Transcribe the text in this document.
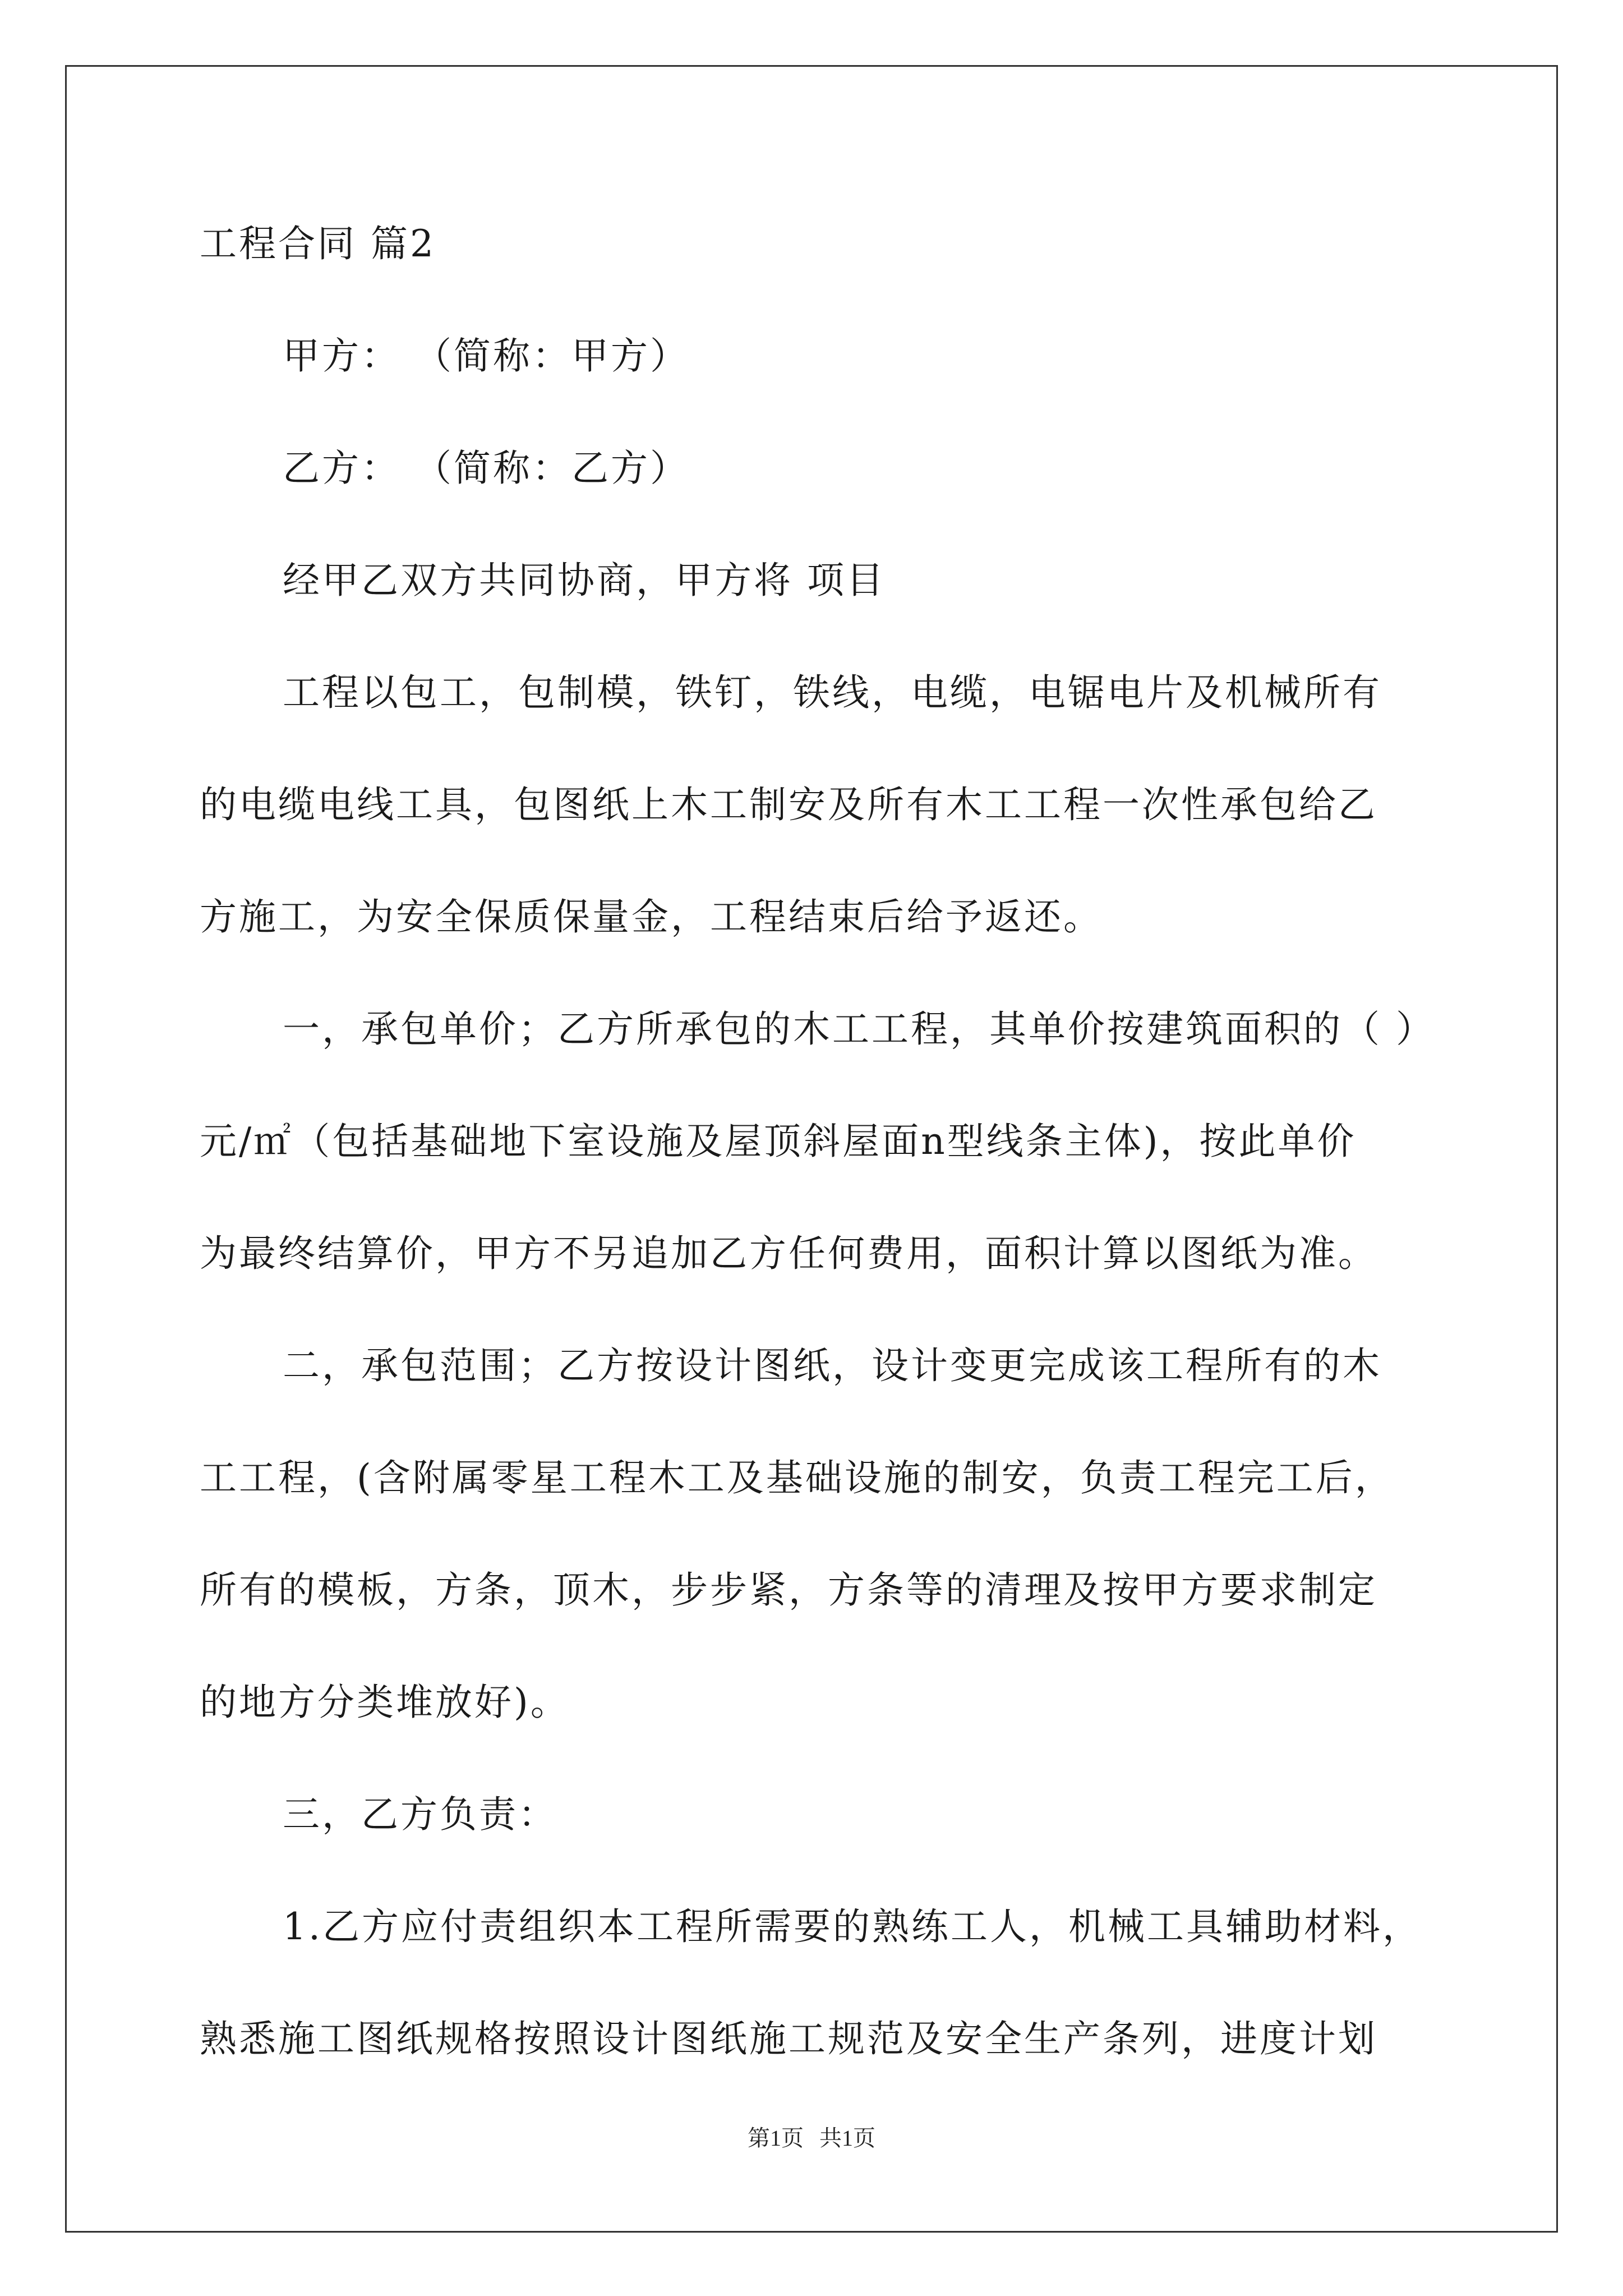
工程合同 篇2
甲方： （简称：甲方）
乙方： （简称：乙方）
经甲乙双方共同协商，甲方将 项目
工程以包工，包制模，铁钉，铁线，电缆，电锯电片及机械所有
的电缆电线工具，包图纸上木工制安及所有木工工程一次性承包给乙
方施工，为安全保质保量金，工程结束后给予返还。
一，承包单价；乙方所承包的木工工程，其单价按建筑面积的（ ）
元/㎡（包括基础地下室设施及屋顶斜屋面n型线条主体)，按此单价
为最终结算价，甲方不另追加乙方任何费用，面积计算以图纸为准。
二，承包范围；乙方按设计图纸，设计变更完成该工程所有的木
工工程，(含附属零星工程木工及基础设施的制安，负责工程完工后，
所有的模板，方条，顶木，步步紧，方条等的清理及按甲方要求制定
的地方分类堆放好)。
三，乙方负责：
1.乙方应付责组织本工程所需要的熟练工人，机械工具辅助材料，
熟悉施工图纸规格按照设计图纸施工规范及安全生产条列，进度计划
第1页 共1页
